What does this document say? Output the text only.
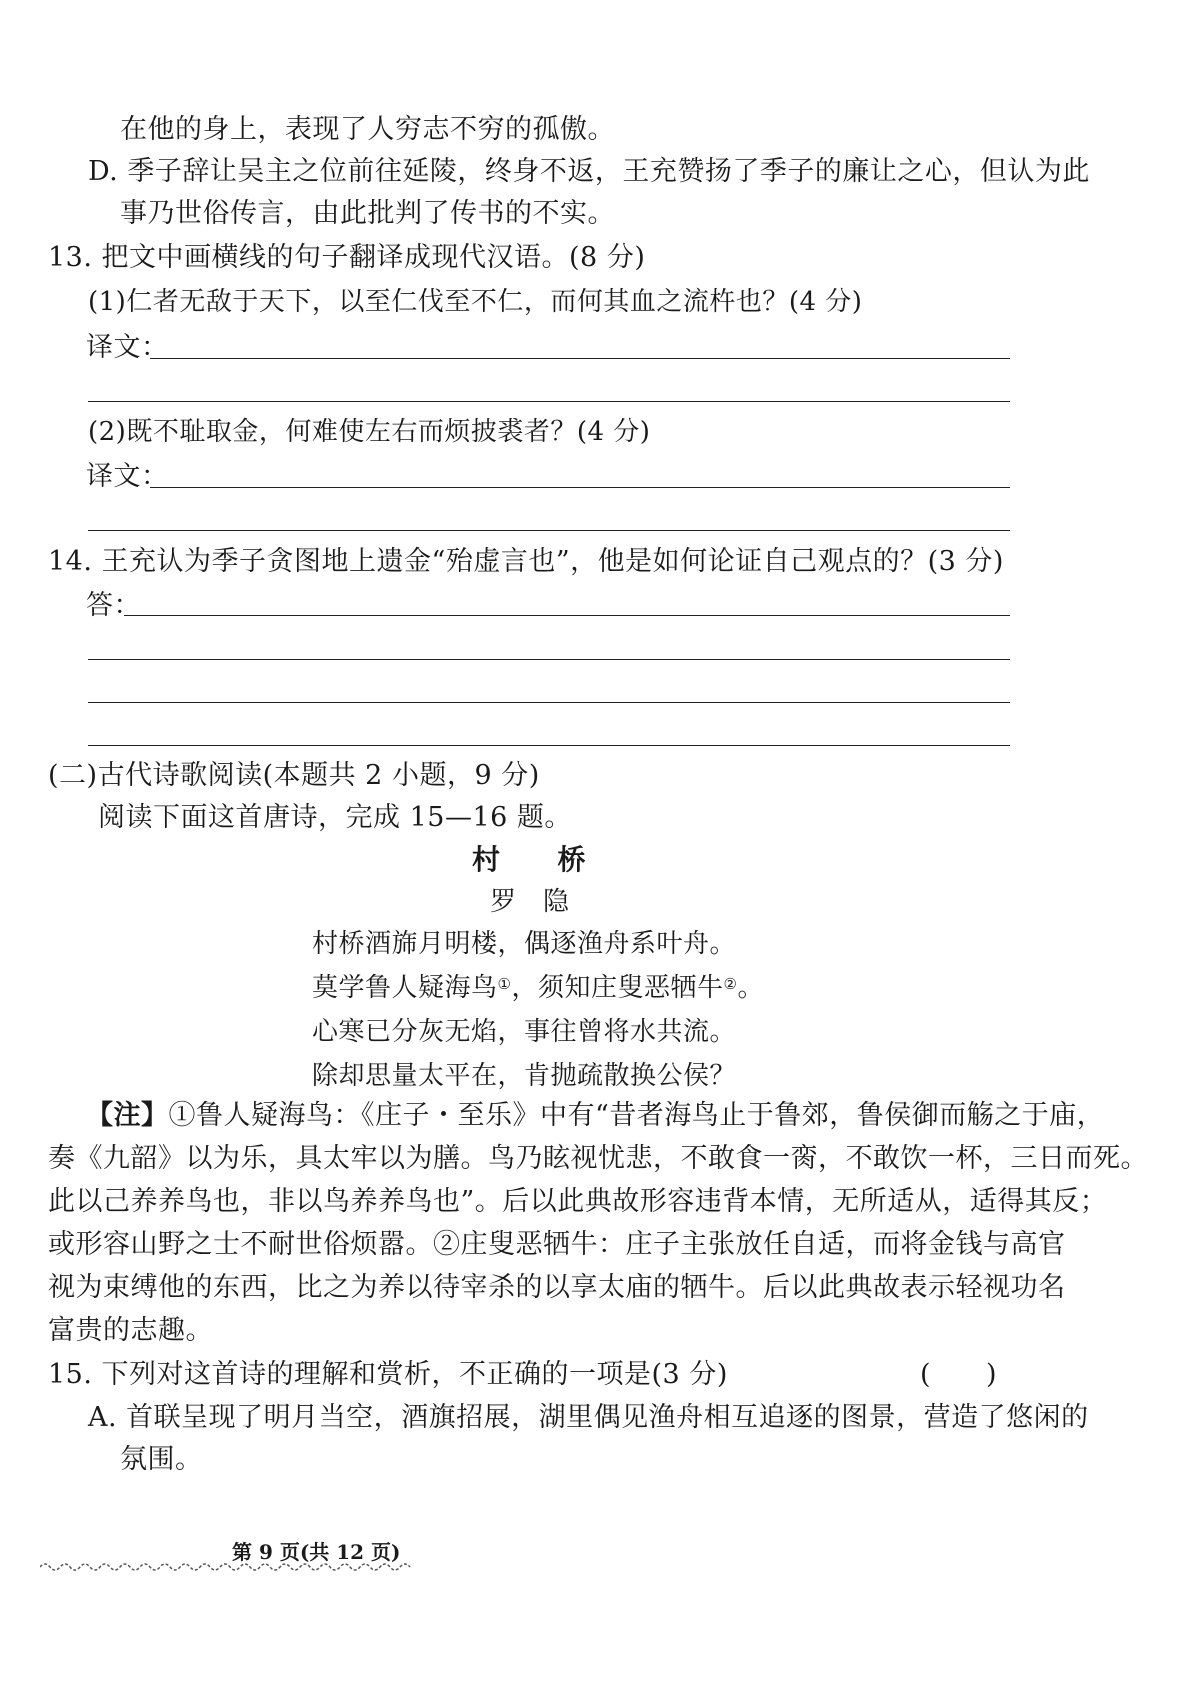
在他的身上，表现了人穷志不穷的孤傲。
D. 季子辞让吴主之位前往延陵，终身不返，王充赞扬了季子的廉让之心，但认为此
事乃世俗传言，由此批判了传书的不实。
13. 把文中画横线的句子翻译成现代汉语。(8 分)
(1)仁者无敌于天下，以至仁伐至不仁，而何其血之流杵也？(4 分)
译文：
(2)既不耻取金，何难使左右而烦披裘者？(4 分)
译文：
14. 王充认为季子贪图地上遗金“殆虚言也”，他是如何论证自己观点的？(3 分)
答：
(二)古代诗歌阅读(本题共 2 小题，9 分)
阅读下面这首唐诗，完成 15—16 题。
村　　桥
罗　隐
村桥酒旆月明楼，偶逐渔舟系叶舟。
莫学鲁人疑海鸟①，须知庄叟恶牺牛②。
心寒已分灰无焰，事往曾将水共流。
除却思量太平在，肯抛疏散换公侯？
【注】①鲁人疑海鸟：《庄子・至乐》中有“昔者海鸟止于鲁郊，鲁侯御而觞之于庙，
奏《九韶》以为乐，具太牢以为膳。鸟乃眩视忧悲，不敢食一脔，不敢饮一杯，三日而死。
此以己养养鸟也，非以鸟养养鸟也”。后以此典故形容违背本情，无所适从，适得其反；
或形容山野之士不耐世俗烦嚣。②庄叟恶牺牛：庄子主张放任自适，而将金钱与高官
视为束缚他的东西，比之为养以待宰杀的以享太庙的牺牛。后以此典故表示轻视功名
富贵的志趣。
15. 下列对这首诗的理解和赏析，不正确的一项是(3 分)	(　　)
A. 首联呈现了明月当空，酒旗招展，湖里偶见渔舟相互追逐的图景，营造了悠闲的
氛围。
第 9 页(共 12 页)
